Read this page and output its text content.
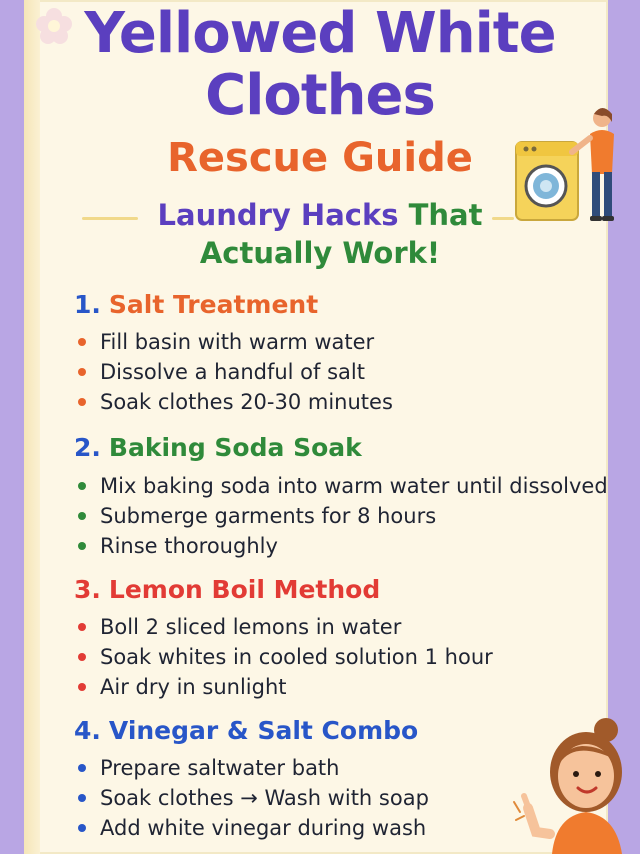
Yellowed White
Clothes
Rescue Guide
Laundry Hacks That
Actually Work!
1. Salt Treatment
Fill basin with warm water
Dissolve a handful of salt
Soak clothes 20-30 minutes
2. Baking Soda Soak
Mix baking soda into warm water until dissolved
Submerge garments for 8 hours
Rinse thoroughly
3. Lemon Boil Method
Boll 2 sliced lemons in water
Soak whites in cooled solution 1 hour
Air dry in sunlight
4. Vinegar & Salt Combo
Prepare saltwater bath
Soak clothes → Wash with soap
Add white vinegar during wash
